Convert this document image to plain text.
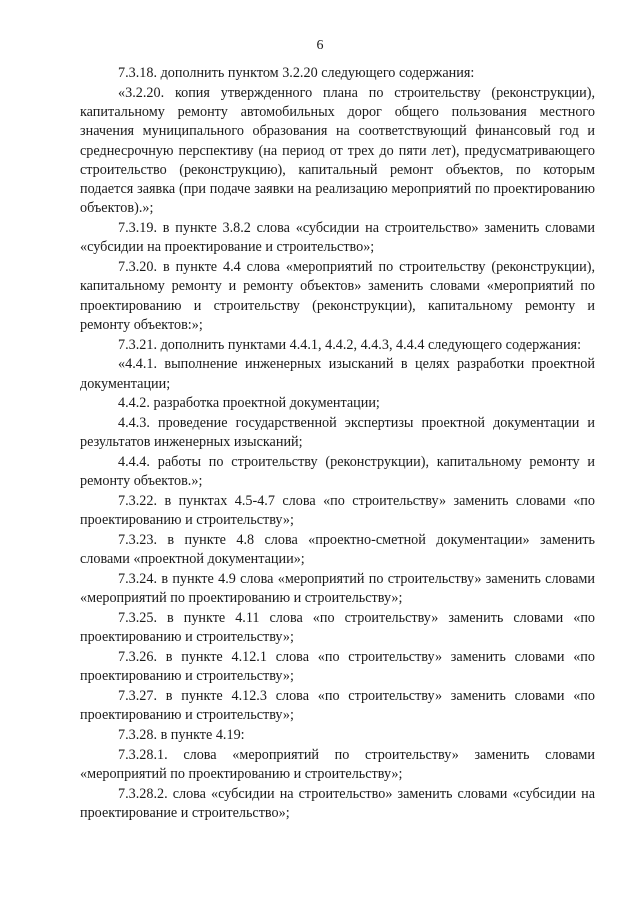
6

7.3.18. дополнить пунктом 3.2.20 следующего содержания:

«3.2.20. копия утвержденного плана по строительству (реконструкции), капитальному ремонту автомобильных дорог общего пользования местного значения муниципального образования на соответствующий финансовый год и среднесрочную перспективу (на период от трех до пяти лет), предусматривающего строительство (реконструкцию), капитальный ремонт объектов, по которым подается заявка (при подаче заявки на реализацию мероприятий по проектированию объектов).»;

7.3.19. в пункте 3.8.2 слова «субсидии на строительство» заменить словами «субсидии на проектирование и строительство»;

7.3.20. в пункте 4.4 слова «мероприятий по строительству (реконструкции), капитальному ремонту и ремонту объектов» заменить словами «мероприятий по проектированию и строительству (реконструкции), капитальному ремонту и ремонту объектов:»;

7.3.21. дополнить пунктами 4.4.1, 4.4.2, 4.4.3, 4.4.4 следующего содержания:

«4.4.1. выполнение инженерных изысканий в целях разработки проектной документации;

4.4.2. разработка проектной документации;

4.4.3. проведение государственной экспертизы проектной документации и результатов инженерных изысканий;

4.4.4. работы по строительству (реконструкции), капитальному ремонту и ремонту объектов.»;

7.3.22. в пунктах 4.5-4.7 слова «по строительству» заменить словами «по проектированию и строительству»;

7.3.23. в пункте 4.8 слова «проектно-сметной документации» заменить словами «проектной документации»;

7.3.24. в пункте 4.9 слова «мероприятий по строительству» заменить словами «мероприятий по проектированию и строительству»;

7.3.25. в пункте 4.11 слова «по строительству» заменить словами «по проектированию и строительству»;

7.3.26. в пункте 4.12.1 слова «по строительству» заменить словами «по проектированию и строительству»;

7.3.27. в пункте 4.12.3 слова «по строительству» заменить словами «по проектированию и строительству»;

7.3.28. в пункте 4.19:

7.3.28.1. слова «мероприятий по строительству» заменить словами «мероприятий по проектированию и строительству»;

7.3.28.2. слова «субсидии на строительство» заменить словами «субсидии на проектирование и строительство»;
